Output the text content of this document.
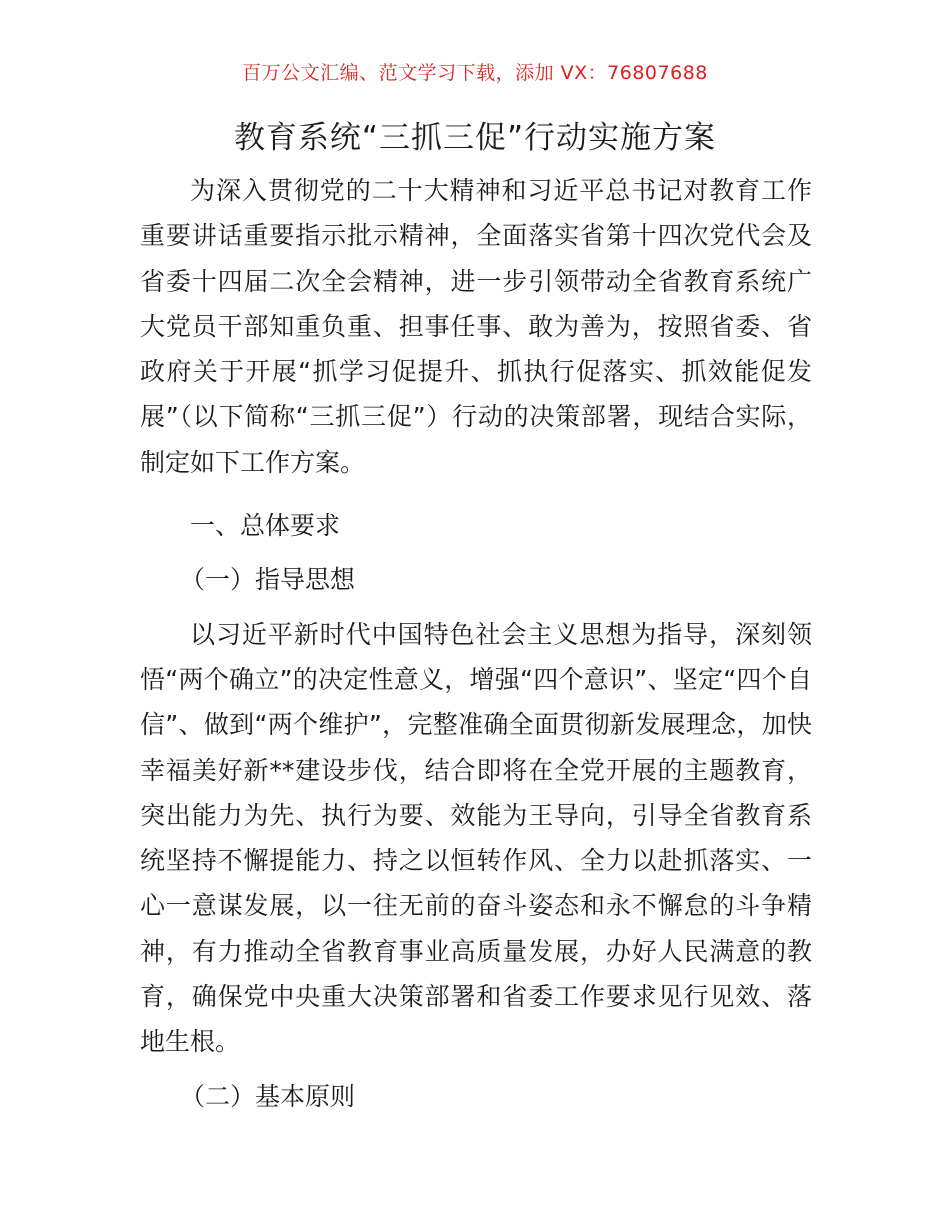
百万公文汇编、范文学习下载，添加 VX：76807688
教育系统“三抓三促”行动实施方案

为深入贯彻党的二十大精神和习近平总书记对教育工作重要讲话重要指示批示精神，全面落实省第十四次党代会及省委十四届二次全会精神，进一步引领带动全省教育系统广大党员干部知重负重、担事任事、敢为善为，按照省委、省政府关于开展“抓学习促提升、抓执行促落实、抓效能促发展”（以下简称“三抓三促”）行动的决策部署，现结合实际，制定如下工作方案。

一、总体要求

（一）指导思想

以习近平新时代中国特色社会主义思想为指导，深刻领悟“两个确立”的决定性意义，增强“四个意识”、坚定“四个自信”、做到“两个维护”，完整准确全面贯彻新发展理念，加快幸福美好新**建设步伐，结合即将在全党开展的主题教育，突出能力为先、执行为要、效能为王导向，引导全省教育系统坚持不懈提能力、持之以恒转作风、全力以赴抓落实、一心一意谋发展，以一往无前的奋斗姿态和永不懈怠的斗争精神，有力推动全省教育事业高质量发展，办好人民满意的教育，确保党中央重大决策部署和省委工作要求见行见效、落地生根。

（二）基本原则
